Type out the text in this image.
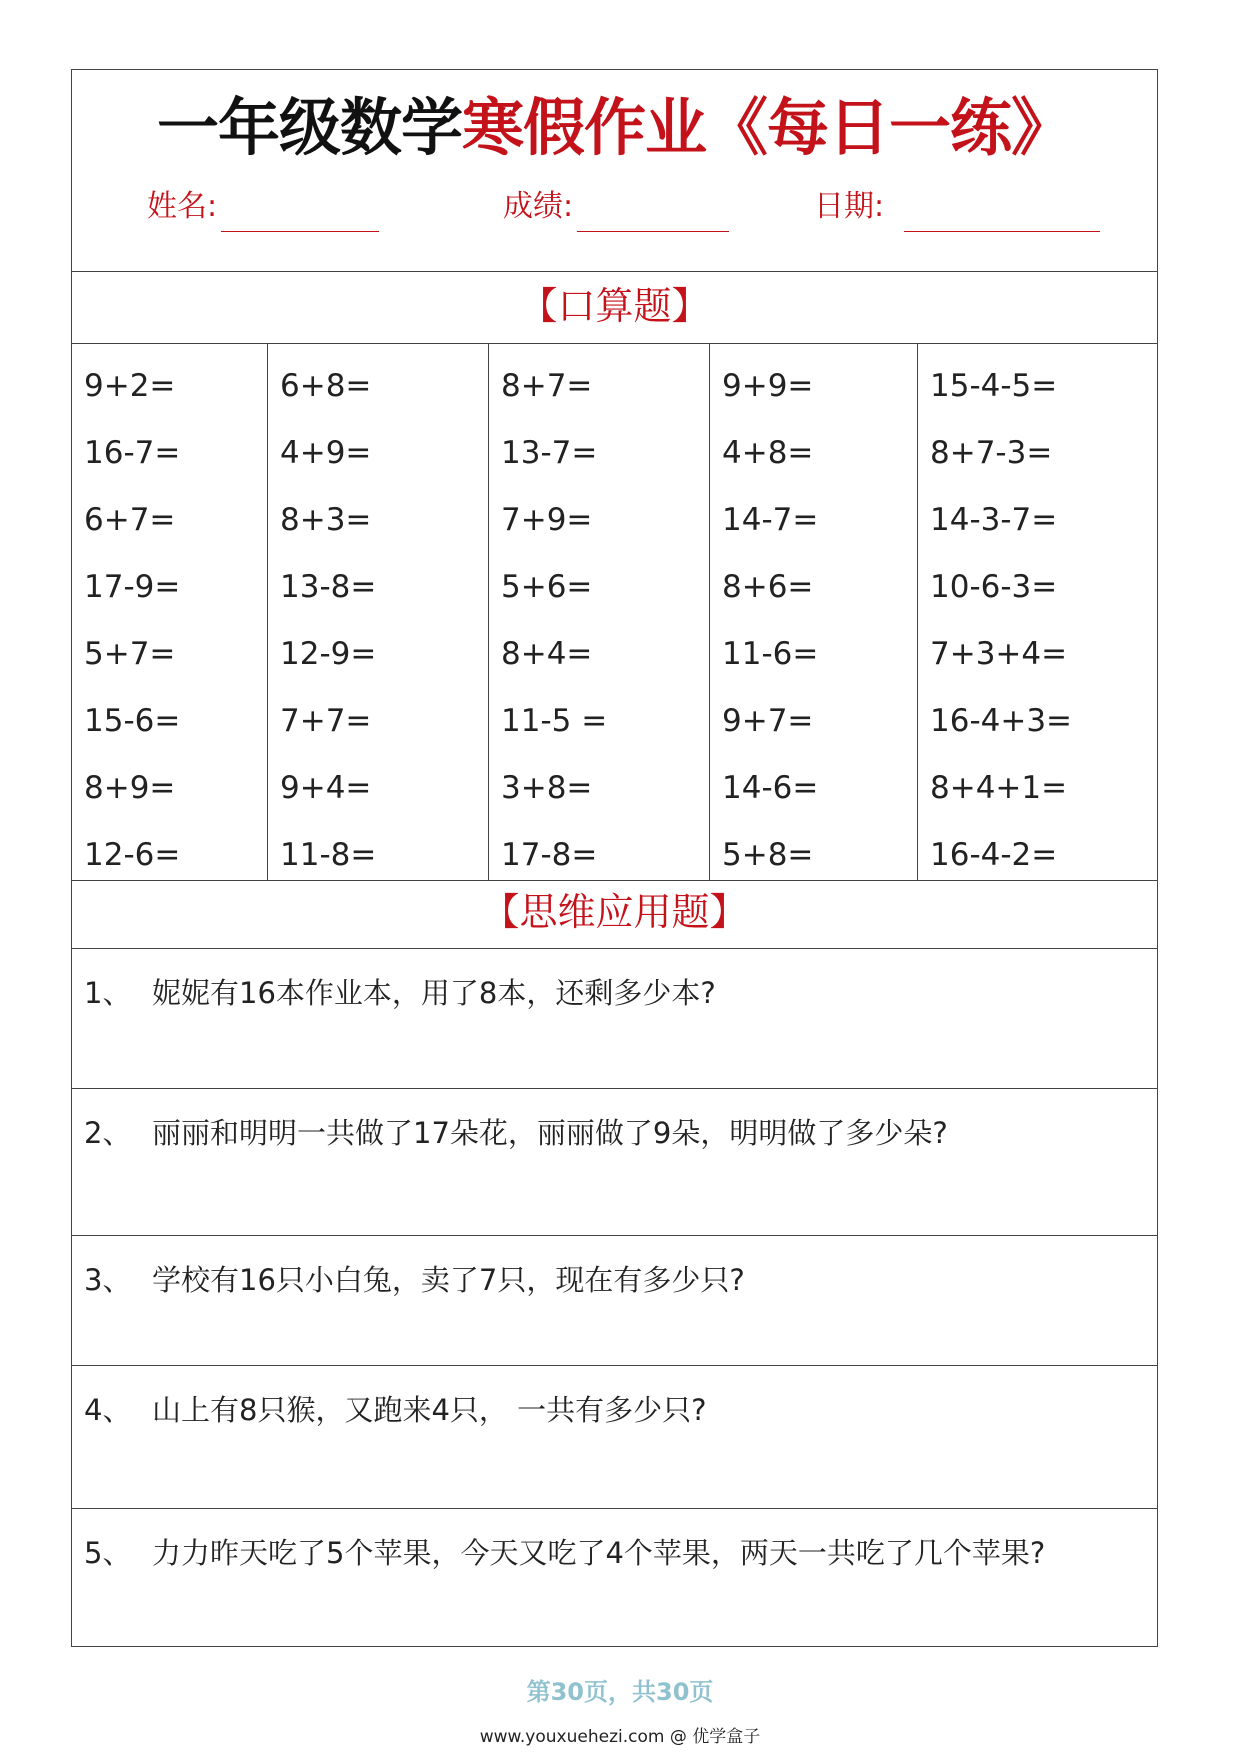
一年级数学寒假作业《每日一练》
姓名:	成绩:	日期:
【口算题】
9+2=
16-7=
6+7=
17-9=
5+7=
15-6=
8+9=
12-6=
6+8=
4+9=
8+3=
13-8=
12-9=
7+7=
9+4=
11-8=
8+7=
13-7=
7+9=
5+6=
8+4=
11-5 =
3+8=
17-8=
9+9=
4+8=
14-7=
8+6=
11-6=
9+7=
14-6=
5+8=
15-4-5=
8+7-3=
14-3-7=
10-6-3=
7+3+4=
16-4+3=
8+4+1=
16-4-2=
【思维应用题】
1、 妮妮有16本作业本，用了8本，还剩多少本?
2、 丽丽和明明一共做了17朵花，丽丽做了9朵，明明做了多少朵?
3、 学校有16只小白兔，卖了7只，现在有多少只?
4、 山上有8只猴，又跑来4只， 一共有多少只?
5、 力力昨天吃了5个苹果，今天又吃了4个苹果，两天一共吃了几个苹果?
第30页，共30页
www.youxuehezi.com @ 优学盒子
